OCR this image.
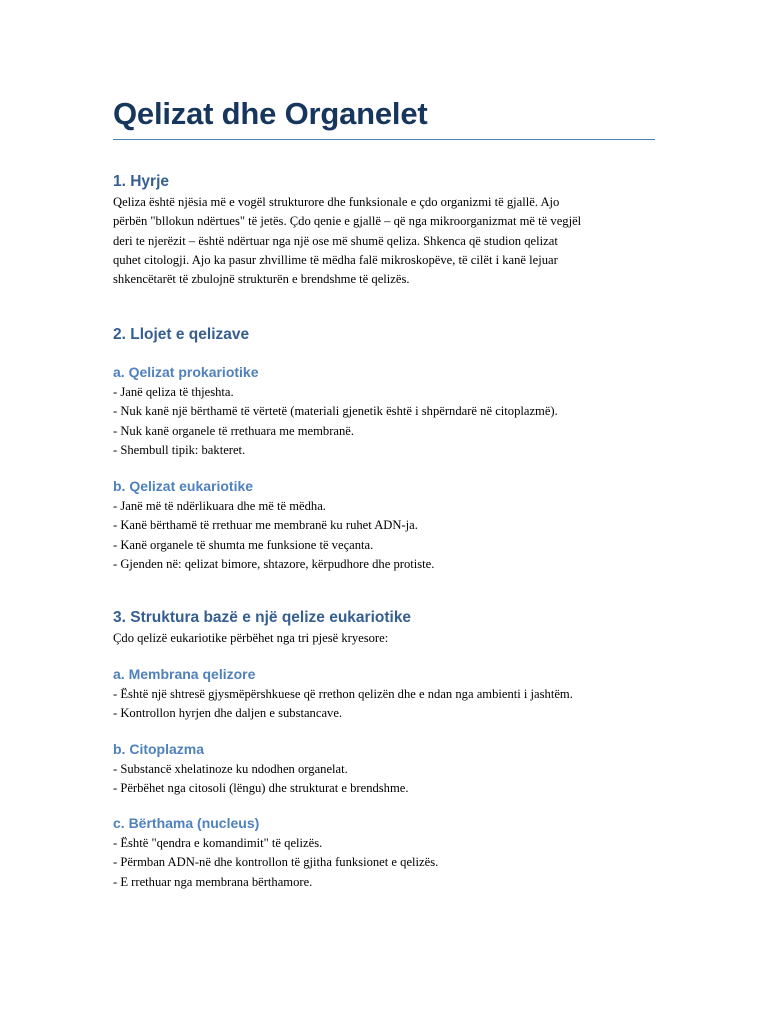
Qelizat dhe Organelet
1. Hyrje
Qeliza është njësia më e vogël strukturore dhe funksionale e çdo organizmi të gjallë. Ajo
përbën "bllokun ndërtues" të jetës. Çdo qenie e gjallë – që nga mikroorganizmat më të vegjël
deri te njerëzit – është ndërtuar nga një ose më shumë qeliza. Shkenca që studion qelizat
quhet citologji. Ajo ka pasur zhvillime të mëdha falë mikroskopëve, të cilët i kanë lejuar
shkencëtarët të zbulojnë strukturën e brendshme të qelizës.
2. Llojet e qelizave
a. Qelizat prokariotike
- Janë qeliza të thjeshta.
- Nuk kanë një bërthamë të vërtetë (materiali gjenetik është i shpërndarë në citoplazmë).
- Nuk kanë organele të rrethuara me membranë.
- Shembull tipik: bakteret.
b. Qelizat eukariotike
- Janë më të ndërlikuara dhe më të mëdha.
- Kanë bërthamë të rrethuar me membranë ku ruhet ADN-ja.
- Kanë organele të shumta me funksione të veçanta.
- Gjenden në: qelizat bimore, shtazore, kërpudhore dhe protiste.
3. Struktura bazë e një qelize eukariotike
Çdo qelizë eukariotike përbëhet nga tri pjesë kryesore:
a. Membrana qelizore
- Është një shtresë gjysmëpërshkuese që rrethon qelizën dhe e ndan nga ambienti i jashtëm.
- Kontrollon hyrjen dhe daljen e substancave.
b. Citoplazma
- Substancë xhelatinoze ku ndodhen organelat.
- Përbëhet nga citosoli (lëngu) dhe strukturat e brendshme.
c. Bërthama (nucleus)
- Është "qendra e komandimit" të qelizës.
- Përmban ADN-në dhe kontrollon të gjitha funksionet e qelizës.
- E rrethuar nga membrana bërthamore.
